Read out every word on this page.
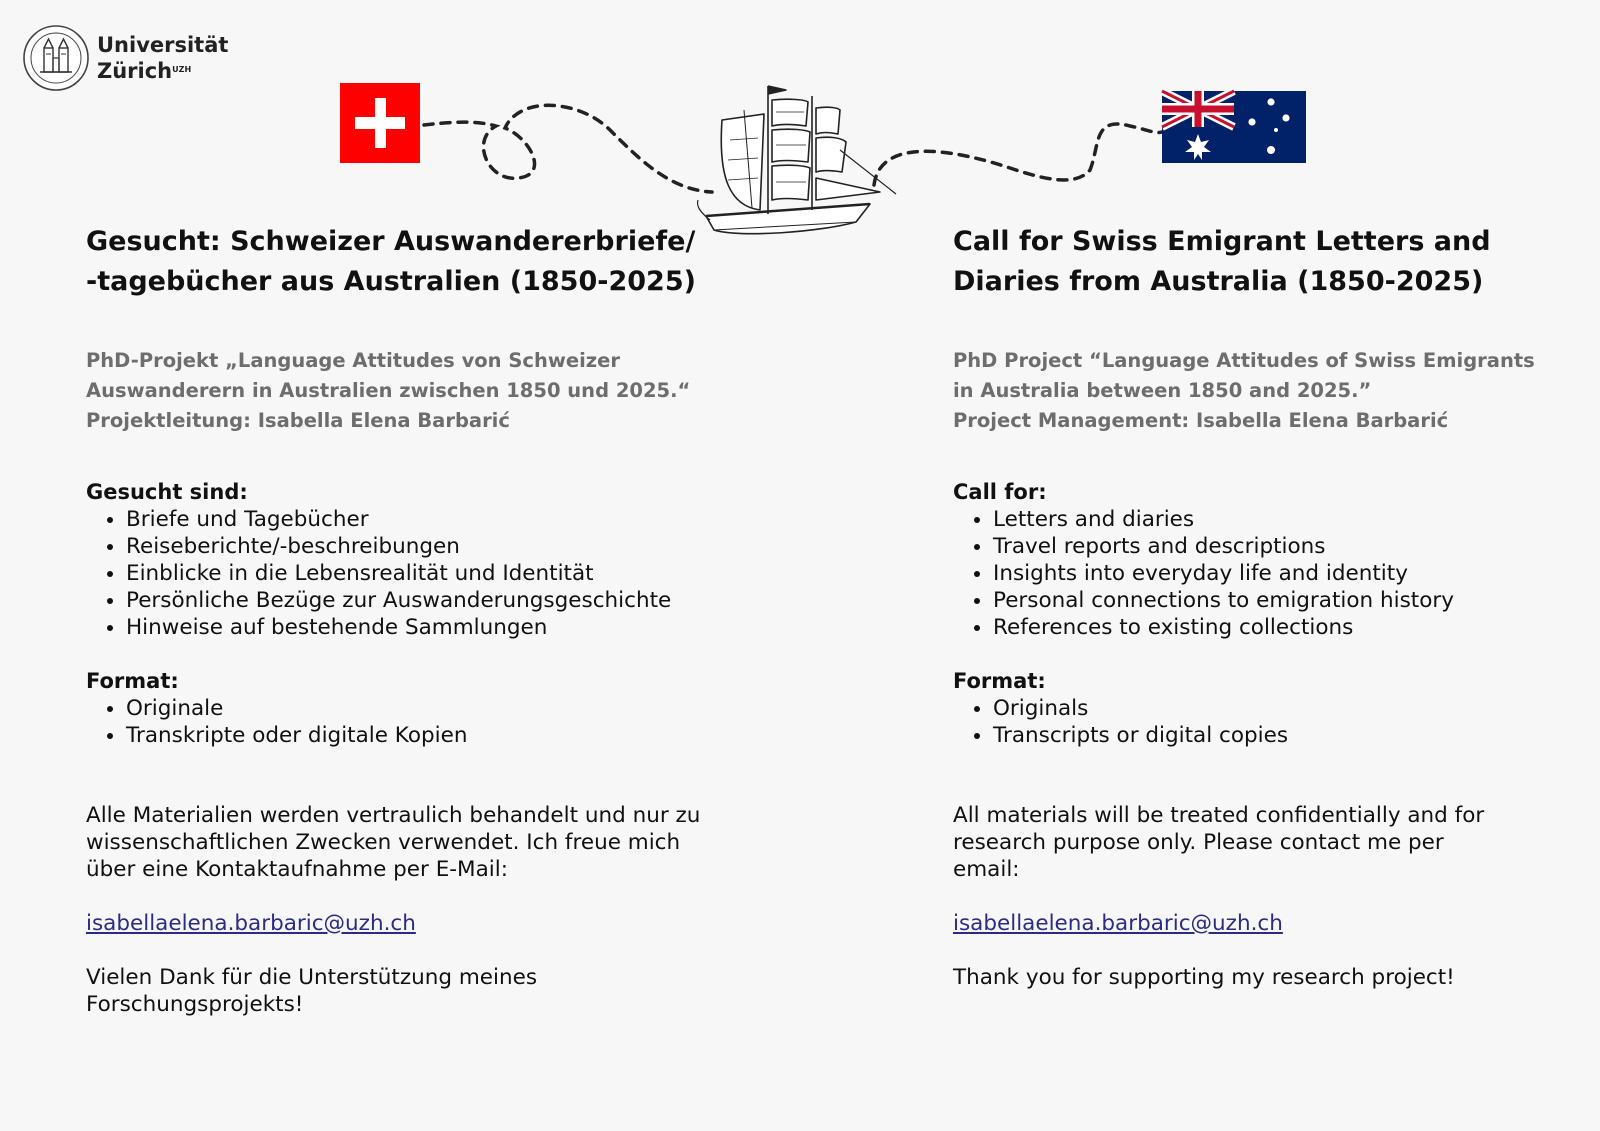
Universität
Zürich$^{UZH}$
Gesucht: Schweizer Auswandererbriefe/
-tagebücher aus Australien (1850-2025)
PhD-Projekt „Language Attitudes von Schweizer
Auswanderern in Australien zwischen 1850 und 2025.“
Projektleitung: Isabella Elena Barbarić
Gesucht sind:
• Briefe und Tagebücher
• Reiseberichte/-beschreibungen
• Einblicke in die Lebensrealität und Identität
• Persönliche Bezüge zur Auswanderungsgeschichte
• Hinweise auf bestehende Sammlungen
Format:
• Originale
• Transkripte oder digitale Kopien
Alle Materialien werden vertraulich behandelt und nur zu
wissenschaftlichen Zwecken verwendet. Ich freue mich
über eine Kontaktaufnahme per E-Mail:
isabellaelena.barbaric@uzh.ch
Vielen Dank für die Unterstützung meines
Forschungsprojekts!
Call for Swiss Emigrant Letters and
Diaries from Australia (1850-2025)
PhD Project “Language Attitudes of Swiss Emigrants
in Australia between 1850 and 2025.”
Project Management: Isabella Elena Barbarić
Call for:
• Letters and diaries
• Travel reports and descriptions
• Insights into everyday life and identity
• Personal connections to emigration history
• References to existing collections
Format:
• Originals
• Transcripts or digital copies
All materials will be treated confidentially and for
research purpose only. Please contact me per
email:
isabellaelena.barbaric@uzh.ch
Thank you for supporting my research project!
